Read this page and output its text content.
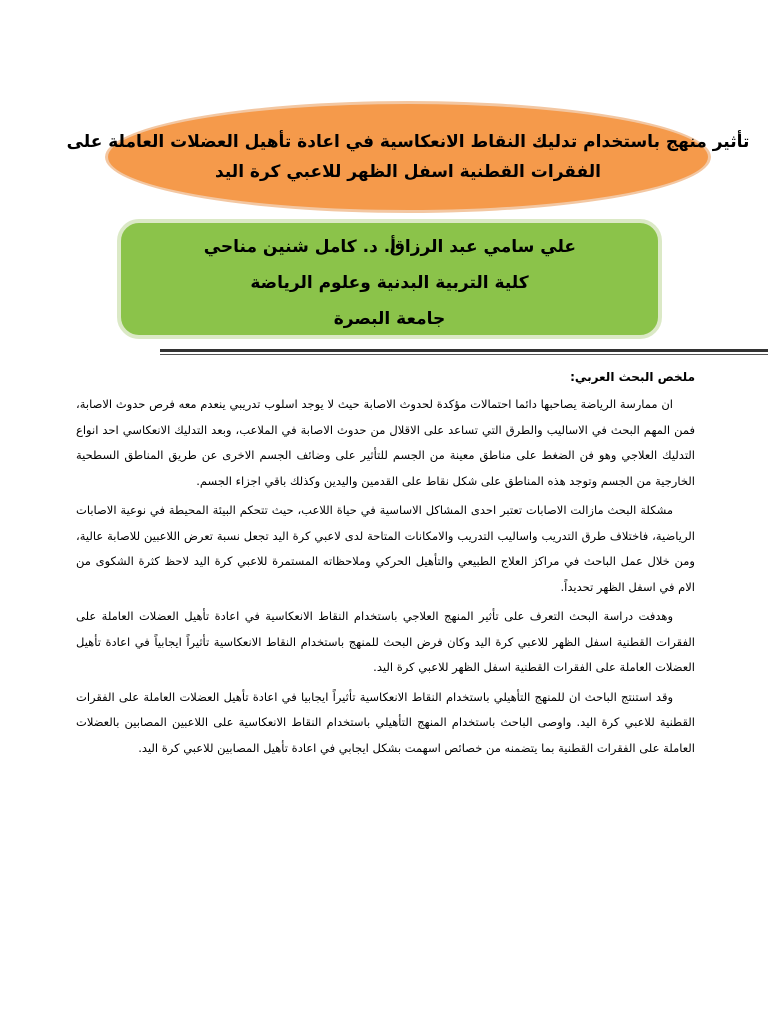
تأثير منهج باستخدام تدليك النقاط الانعكاسية في اعادة تأهيل العضلات العاملة على
الفقرات القطنية اسفل الظهر للاعبي كرة اليد
علي سامي عبد الرزاق
أ. د. كامل شنين مناحي
كلية التربية البدنية وعلوم الرياضة
جامعة البصرة
ملخص البحث العربي:

ان ممارسة الرياضة يصاحبها دائما احتمالات مؤكدة لحدوث الاصابة حيث لا يوجد اسلوب تدريبي ينعدم معه فرص حدوث الاصابة، فمن المهم البحث في الاساليب والطرق التي تساعد على الاقلال من حدوث الاصابة في الملاعب، وبعد التدليك الانعكاسي احد انواع التدليك العلاجي وهو فن الضغط على مناطق معينة من الجسم للتأثير على وضائف الجسم الاخرى عن طريق المناطق السطحية الخارجية من الجسم وتوجد هذه المناطق على شكل نقاط على القدمين واليدين وكذلك باقي اجزاء الجسم.

مشكلة البحث مازالت الاصابات تعتبر احدى المشاكل الاساسية في حياة اللاعب، حيث تتحكم البيئة المحيطة في نوعية الاصابات الرياضية، فاختلاف طرق التدريب واساليب التدريب والامكانات المتاحة لدى لاعبي كرة اليد تجعل نسبة تعرض اللاعبين للاصابة عالية، ومن خلال عمل الباحث في مراكز العلاج الطبيعي والتأهيل الحركي وملاحظاته المستمرة للاعبي كرة اليد لاحظ كثرة الشكوى من الام في اسفل الظهر تحديداً.

وهدفت دراسة البحث التعرف على تأثير المنهج العلاجي باستخدام النقاط الانعكاسية في اعادة تأهيل العضلات العاملة على الفقرات القطنية اسفل الظهر للاعبي كرة اليد وكان فرض البحث للمنهج باستخدام النقاط الانعكاسية تأثيراً ايجابياً في اعادة تأهيل العضلات العاملة على الفقرات القطنية اسفل الظهر للاعبي كرة اليد.

وقد استنتج الباحث ان للمنهج التأهيلي باستخدام النقاط الانعكاسية تأثيراً ايجابيا في اعادة تأهيل العضلات العاملة على الفقرات القطنية للاعبي كرة اليد. واوصى الباحث باستخدام المنهج التأهيلي باستخدام النقاط الانعكاسية على اللاعبين المصابين بالعضلات العاملة على الفقرات القطنية بما يتضمنه من خصائص اسهمت بشكل ايجابي في اعادة تأهيل المصابين للاعبي كرة اليد.
